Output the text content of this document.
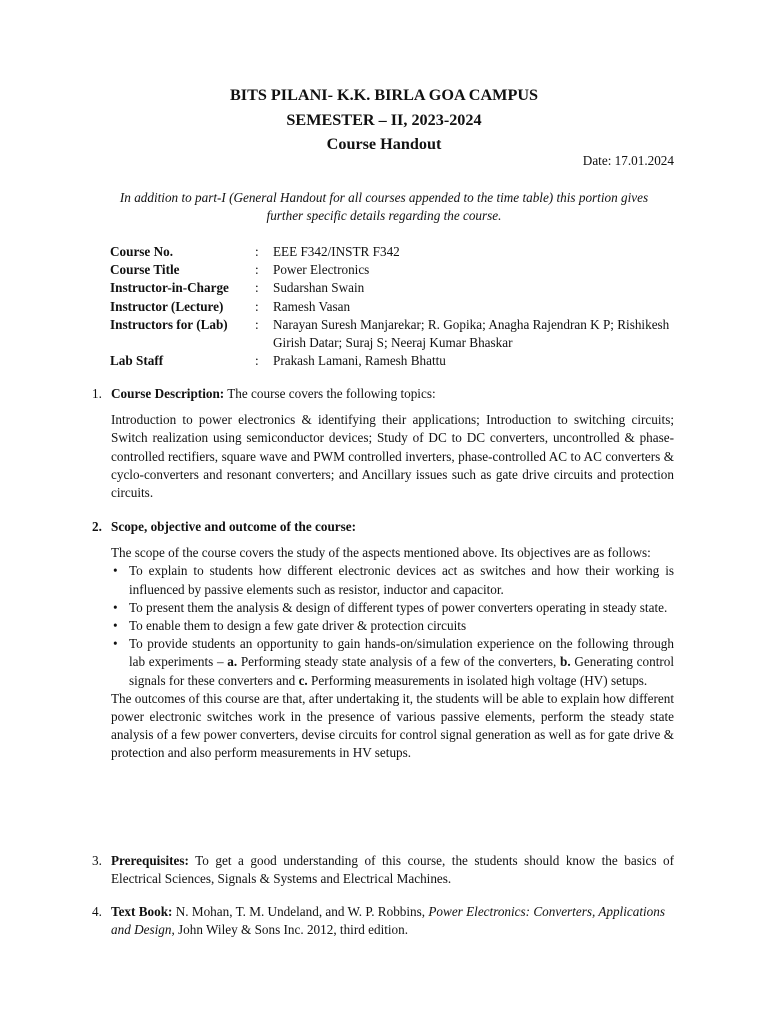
BITS PILANI- K.K. BIRLA GOA CAMPUS
SEMESTER – II, 2023-2024
Course Handout
Date: 17.01.2024
In addition to part-I (General Handout for all courses appended to the time table) this portion gives further specific details regarding the course.
Course No.	:	EEE F342/INSTR F342
Course Title	:	Power Electronics
Instructor-in-Charge	:	Sudarshan Swain
Instructor (Lecture)	:	Ramesh Vasan
Instructors for (Lab)	:	Narayan Suresh Manjarekar; R. Gopika; Anagha Rajendran K P; Rishikesh Girish Datar; Suraj S; Neeraj Kumar Bhaskar
Lab Staff	:	Prakash Lamani, Ramesh Bhattu
1. Course Description: The course covers the following topics:
Introduction to power electronics & identifying their applications; Introduction to switching circuits; Switch realization using semiconductor devices; Study of DC to DC converters, uncontrolled & phase-controlled rectifiers, square wave and PWM controlled inverters, phase-controlled AC to AC converters & cyclo-converters and resonant converters; and Ancillary issues such as gate drive circuits and protection circuits.
2. Scope, objective and outcome of the course:
The scope of the course covers the study of the aspects mentioned above. Its objectives are as follows:
• To explain to students how different electronic devices act as switches and how their working is influenced by passive elements such as resistor, inductor and capacitor.
• To present them the analysis & design of different types of power converters operating in steady state.
• To enable them to design a few gate driver & protection circuits
• To provide students an opportunity to gain hands-on/simulation experience on the following through lab experiments – a. Performing steady state analysis of a few of the converters, b. Generating control signals for these converters and c. Performing measurements in isolated high voltage (HV) setups.
The outcomes of this course are that, after undertaking it, the students will be able to explain how different power electronic switches work in the presence of various passive elements, perform the steady state analysis of a few power converters, devise circuits for control signal generation as well as for gate drive & protection and also perform measurements in HV setups.
3. Prerequisites: To get a good understanding of this course, the students should know the basics of Electrical Sciences, Signals & Systems and Electrical Machines.
4. Text Book: N. Mohan, T. M. Undeland, and W. P. Robbins, Power Electronics: Converters, Applications and Design, John Wiley & Sons Inc. 2012, third edition.
